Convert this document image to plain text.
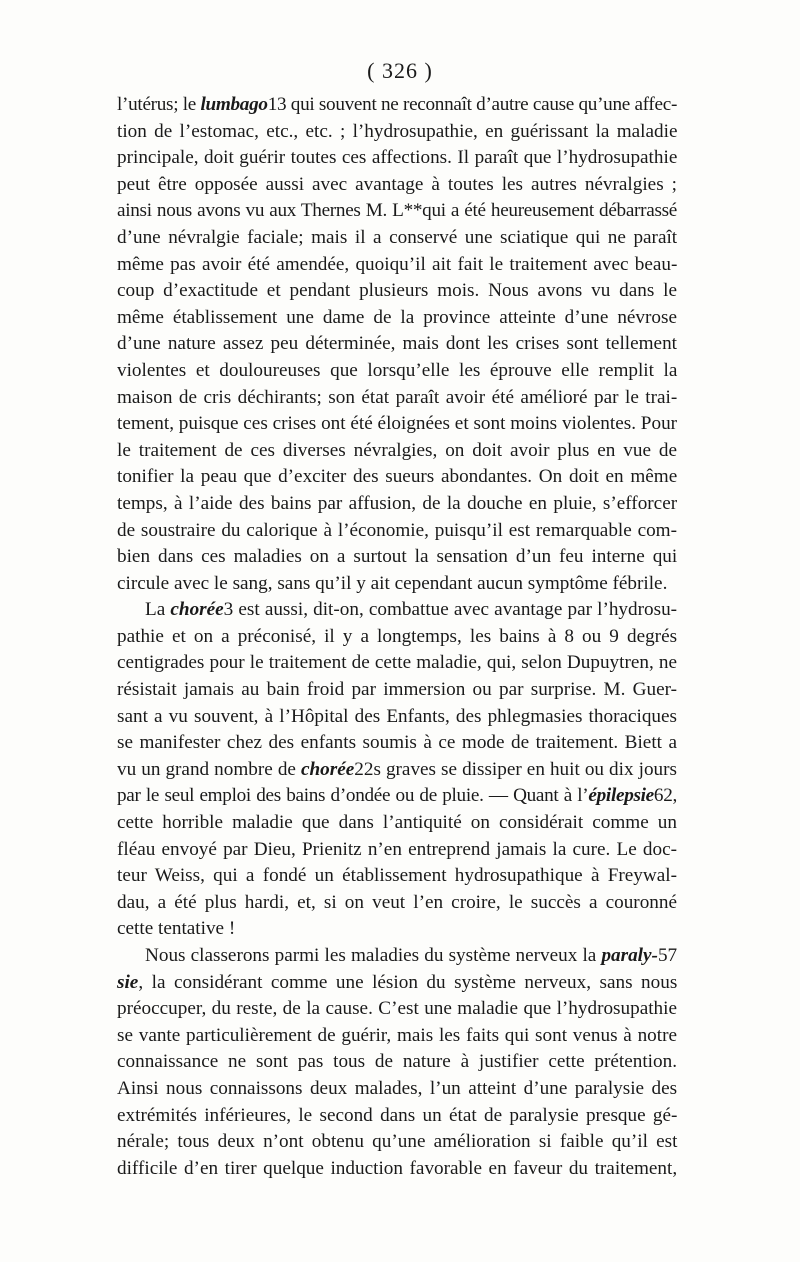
( 326 )

l’utérus; le lumbago13 qui souvent ne reconnaît d’autre cause qu’une affec-
tion de l’estomac, etc., etc. ; l’hydrosupathie, en guérissant la maladie
principale, doit guérir toutes ces affections. Il paraît que l’hydrosupathie
peut être opposée aussi avec avantage à toutes les autres névralgies ;
ainsi nous avons vu aux Thernes M. L**qui a été heureusement débarrassé
d’une névralgie faciale; mais il a conservé une sciatique qui ne paraît
même pas avoir été amendée, quoiqu’il ait fait le traitement avec beau-
coup d’exactitude et pendant plusieurs mois. Nous avons vu dans le
même établissement une dame de la province atteinte d’une névrose
d’une nature assez peu déterminée, mais dont les crises sont tellement
violentes et douloureuses que lorsqu’elle les éprouve elle remplit la
maison de cris déchirants; son état paraît avoir été amélioré par le trai-
tement, puisque ces crises ont été éloignées et sont moins violentes. Pour
le traitement de ces diverses névralgies, on doit avoir plus en vue de
tonifier la peau que d’exciter des sueurs abondantes. On doit en même
temps, à l’aide des bains par affusion, de la douche en pluie, s’efforcer
de soustraire du calorique à l’économie, puisqu’il est remarquable com-
bien dans ces maladies on a surtout la sensation d’un feu interne qui
circule avec le sang, sans qu’il y ait cependant aucun symptôme fébrile.

La chorée3 est aussi, dit-on, combattue avec avantage par l’hydrosu-
pathie et on a préconisé, il y a longtemps, les bains à 8 ou 9 degrés
centigrades pour le traitement de cette maladie, qui, selon Dupuytren, ne
résistait jamais au bain froid par immersion ou par surprise. M. Guer-
sant a vu souvent, à l’Hôpital des Enfants, des phlegmasies thoraciques
se manifester chez des enfants soumis à ce mode de traitement. Biett a
vu un grand nombre de chorée22s graves se dissiper en huit ou dix jours
par le seul emploi des bains d’ondée ou de pluie. — Quant à l’épilepsie62,
cette horrible maladie que dans l’antiquité on considérait comme un
fléau envoyé par Dieu, Prienitz n’en entreprend jamais la cure. Le doc-
teur Weiss, qui a fondé un établissement hydrosupathique à Freywal-
dau, a été plus hardi, et, si on veut l’en croire, le succès a couronné
cette tentative !

Nous classerons parmi les maladies du système nerveux la paraly-57
sie, la considérant comme une lésion du système nerveux, sans nous
préoccuper, du reste, de la cause. C’est une maladie que l’hydrosupathie
se vante particulièrement de guérir, mais les faits qui sont venus à notre
connaissance ne sont pas tous de nature à justifier cette prétention.
Ainsi nous connaissons deux malades, l’un atteint d’une paralysie des
extrémités inférieures, le second dans un état de paralysie presque gé-
nérale; tous deux n’ont obtenu qu’une amélioration si faible qu’il est
difficile d’en tirer quelque induction favorable en faveur du traitement,
